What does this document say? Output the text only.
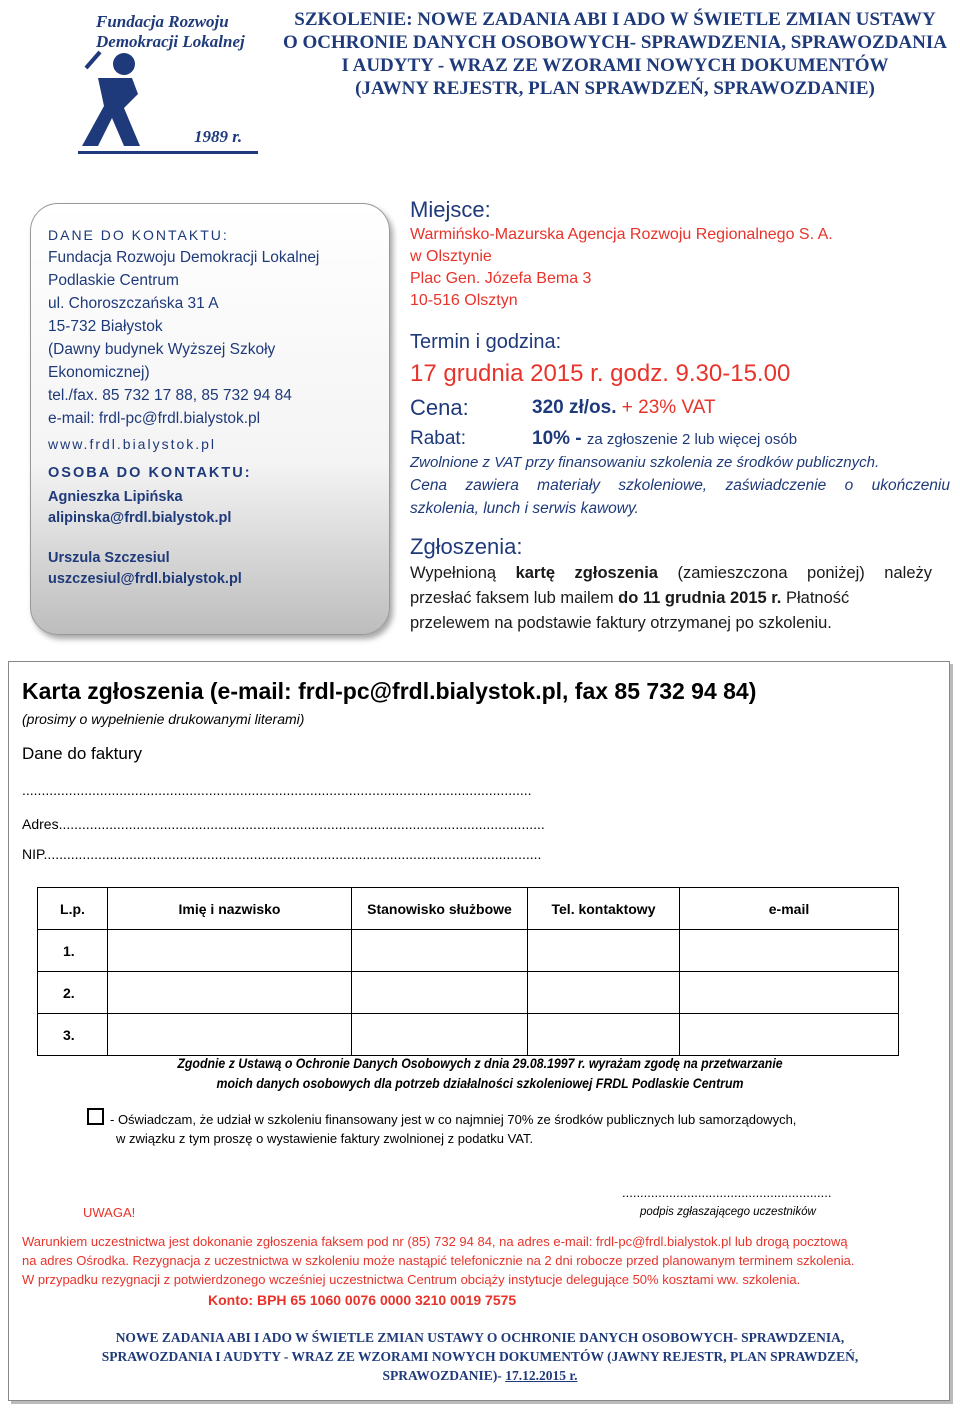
Fundacja Rozwoju
Demokracji Lokalnej
1989 r.
SZKOLENIE: NOWE ZADANIA ABI I ADO W ŚWIETLE ZMIAN USTAWY
O OCHRONIE DANYCH OSOBOWYCH- SPRAWDZENIA, SPRAWOZDANIA
I AUDYTY - WRAZ ZE WZORAMI NOWYCH DOKUMENTÓW
(JAWNY REJESTR, PLAN SPRAWDZEŃ, SPRAWOZDANIE)
DANE DO KONTAKTU:
Fundacja Rozwoju Demokracji Lokalnej
Podlaskie Centrum
ul. Choroszczańska 31 A
15-732 Białystok
(Dawny budynek Wyższej Szkoły
Ekonomicznej)
tel./fax. 85 732 17 88, 85 732 94 84
e-mail: frdl-pc@frdl.bialystok.pl
www.frdl.bialystok.pl
OSOBA DO KONTAKTU:
Agnieszka Lipińska
alipinska@frdl.bialystok.pl
Urszula Szczesiul
uszczesiul@frdl.bialystok.pl
Miejsce:
Warmińsko-Mazurska Agencja Rozwoju Regionalnego S. A.
w Olsztynie
Plac Gen. Józefa Bema 3
10-516 Olsztyn
Termin i godzina:
17 grudnia 2015 r. godz. 9.30-15.00
Cena:	320 zł/os. + 23% VAT
Rabat:	10% - za zgłoszenie 2 lub więcej osób
Zwolnione z VAT przy finansowaniu szkolenia ze środków publicznych.
Cena zawiera materiały szkoleniowe, zaświadczenie o ukończeniu
szkolenia, lunch i serwis kawowy.
Zgłoszenia:
Wypełnioną kartę zgłoszenia (zamieszczona poniżej) należy
przesłać faksem lub mailem do 11 grudnia 2015 r. Płatność
przelewem na podstawie faktury otrzymanej po szkoleniu.
Karta zgłoszenia (e-mail: frdl-pc@frdl.bialystok.pl, fax 85 732 94 84)
(prosimy o wypełnienie drukowanymi literami)
Dane do faktury
...................................................................................................................................
Adres.............................................................................................................................
NIP................................................................................................................................
L.p.	Imię i nazwisko	Stanowisko służbowe	Tel. kontaktowy	e-mail
1.				
2.				
3.				
Zgodnie z Ustawą o Ochronie Danych Osobowych z dnia 29.08.1997 r. wyrażam zgodę na przetwarzanie
moich danych osobowych dla potrzeb działalności szkoleniowej FRDL Podlaskie Centrum
- Oświadczam, że udział w szkoleniu finansowany jest w co najmniej 70% ze środków publicznych lub samorządowych,
w związku z tym proszę o wystawienie faktury zwolnionej z podatku VAT.
..........................................................
UWAGA!	podpis zgłaszającego uczestników
Warunkiem uczestnictwa jest dokonanie zgłoszenia faksem pod nr (85) 732 94 84, na adres e-mail: frdl-pc@frdl.bialystok.pl lub drogą pocztową
na adres Ośrodka. Rezygnacja z uczestnictwa w szkoleniu może nastąpić telefonicznie na 2 dni robocze przed planowanym terminem szkolenia.
W przypadku rezygnacji z potwierdzonego wcześniej uczestnictwa Centrum obciąży instytucje delegujące 50% kosztami ww. szkolenia.
Konto: BPH 65 1060 0076 0000 3210 0019 7575
NOWE ZADANIA ABI I ADO W ŚWIETLE ZMIAN USTAWY O OCHRONIE DANYCH OSOBOWYCH- SPRAWDZENIA,
SPRAWOZDANIA I AUDYTY - WRAZ ZE WZORAMI NOWYCH DOKUMENTÓW (JAWNY REJESTR, PLAN SPRAWDZEŃ,
SPRAWOZDANIE)- 17.12.2015 r.
